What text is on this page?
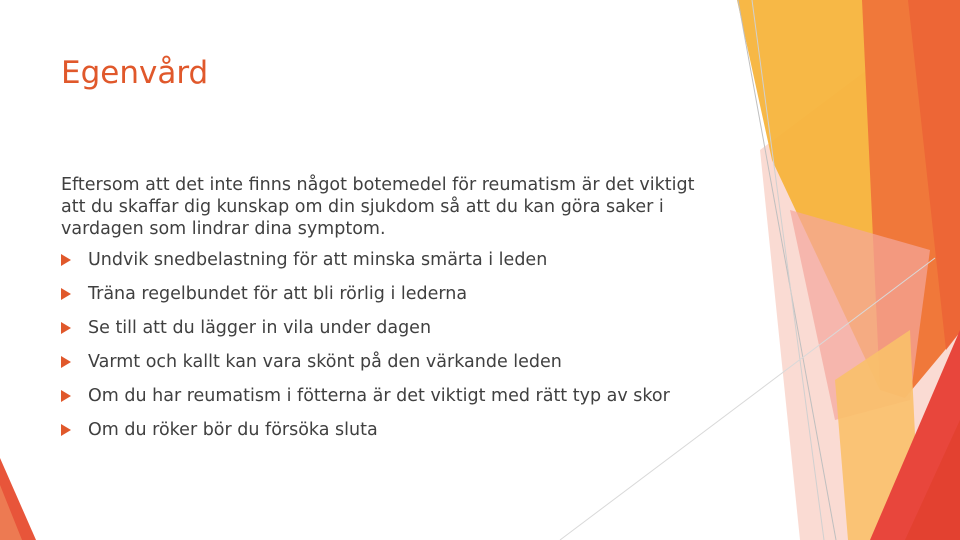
Egenvård

Eftersom att det inte finns något botemedel för reumatism är det viktigt att du skaffar dig kunskap om din sjukdom så att du kan göra saker i vardagen som lindrar dina symptom.

Undvik snedbelastning för att minska smärta i leden
Träna regelbundet för att bli rörlig i lederna
Se till att du lägger in vila under dagen
Varmt och kallt kan vara skönt på den värkande leden
Om du har reumatism i fötterna är det viktigt med rätt typ av skor
Om du röker bör du försöka sluta
